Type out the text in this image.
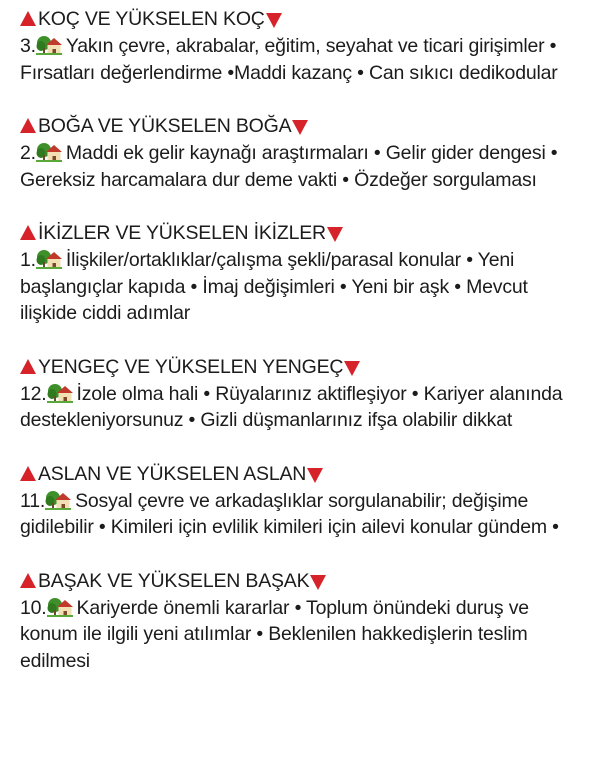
KOÇ VE YÜKSELEN KOÇ
3. Yakın çevre, akrabalar, eğitim, seyahat ve ticari girişimler • Fırsatları değerlendirme •Maddi kazanç • Can sıkıcı dedikodular
BOĞA VE YÜKSELEN BOĞA
2. Maddi ek gelir kaynağı araştırmaları • Gelir gider dengesi • Gereksiz harcamalara dur deme vakti • Özdeğer sorgulaması
İKİZLER VE YÜKSELEN İKİZLER
1. İlişkiler/ortaklıklar/çalışma şekli/parasal konular • Yeni başlangıçlar kapıda • İmaj değişimleri • Yeni bir aşk • Mevcut ilişkide ciddi adımlar
YENGEÇ VE YÜKSELEN YENGEÇ
12. İzole olma hali • Rüyalarınız aktifleşiyor • Kariyer alanında destekleniyorsunuz • Gizli düşmanlarınız ifşa olabilir dikkat
ASLAN VE YÜKSELEN ASLAN
11. Sosyal çevre ve arkadaşlıklar sorgulanabilir; değişime gidilebilir • Kimileri için evlilik kimileri için ailevi konular gündem •
BAŞAK VE YÜKSELEN BAŞAK
10. Kariyerde önemli kararlar • Toplum önündeki duruş ve konum ile ilgili yeni atılımlar • Beklenilen hakkedişlerin teslim edilmesi
